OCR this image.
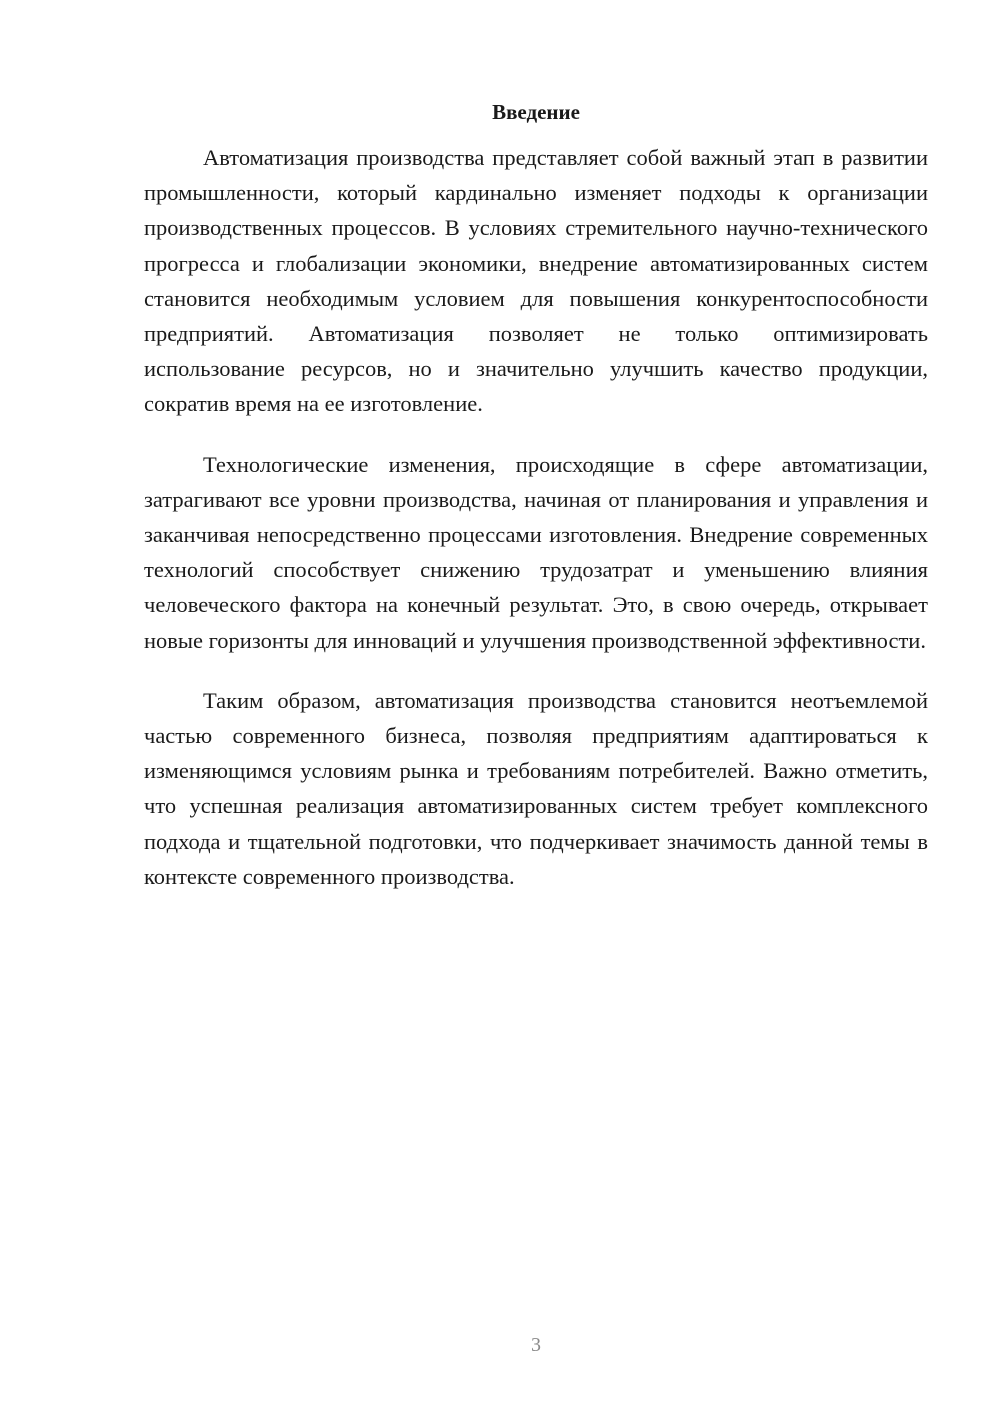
Введение

Автоматизация производства представляет собой важный этап в развитии промышленности, который кардинально изменяет подходы к организации производственных процессов. В условиях стремительного научно-технического прогресса и глобализации экономики, внедрение автоматизированных систем становится необходимым условием для повышения конкурентоспособности предприятий. Автоматизация позволяет не только оптимизировать использование ресурсов, но и значительно улучшить качество продукции, сократив время на ее изготовление.

Технологические изменения, происходящие в сфере автоматизации, затрагивают все уровни производства, начиная от планирования и управления и заканчивая непосредственно процессами изготовления. Внедрение современных технологий способствует снижению трудозатрат и уменьшению влияния человеческого фактора на конечный результат. Это, в свою очередь, открывает новые горизонты для инноваций и улучшения производственной эффективности.

Таким образом, автоматизация производства становится неотъемлемой частью современного бизнеса, позволяя предприятиям адаптироваться к изменяющимся условиям рынка и требованиям потребителей. Важно отметить, что успешная реализация автоматизированных систем требует комплексного подхода и тщательной подготовки, что подчеркивает значимость данной темы в контексте современного производства.

3
